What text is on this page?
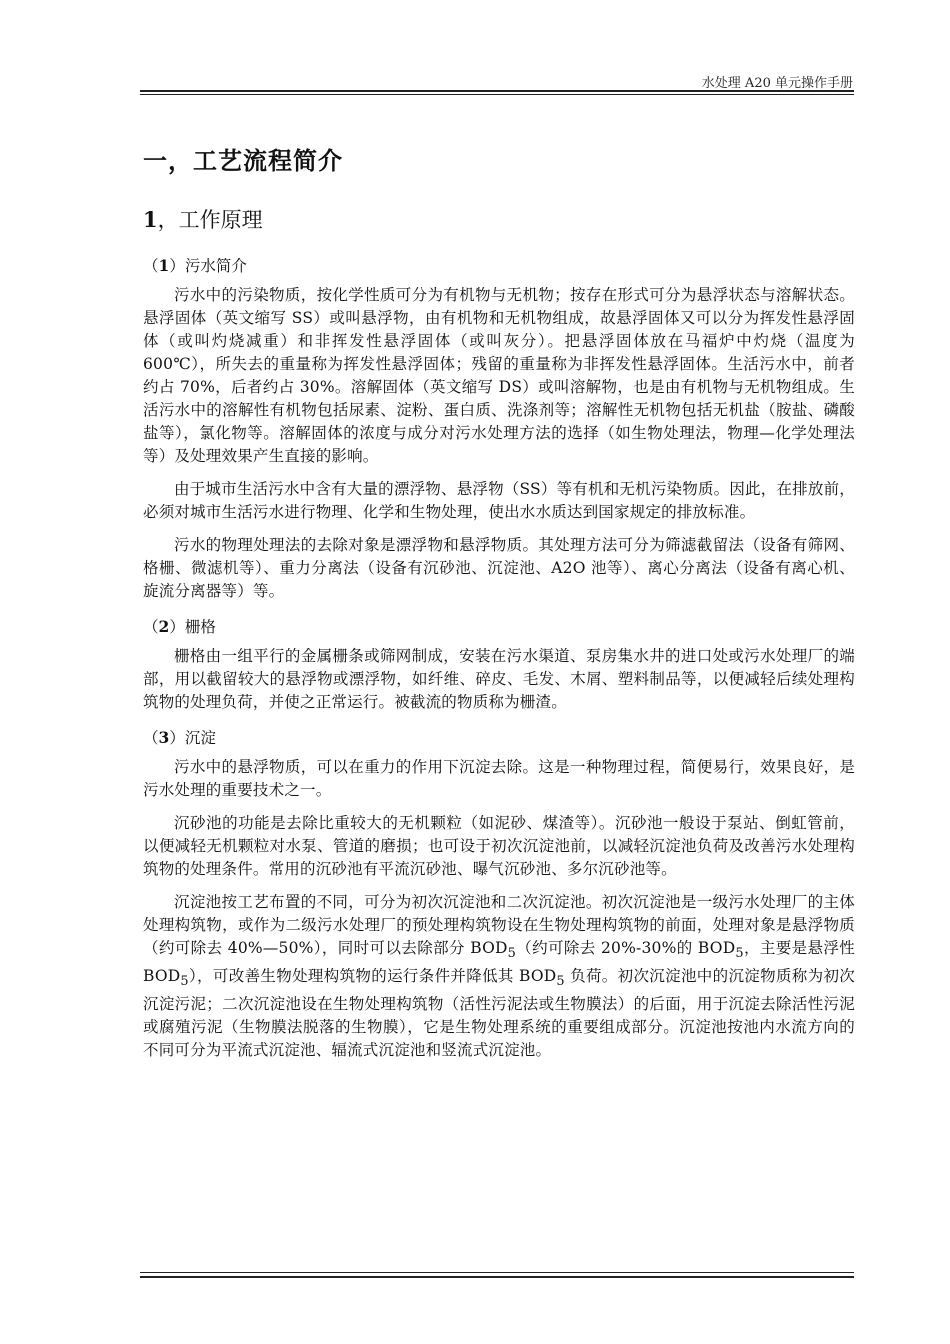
水处理 A20 单元操作手册
一，工艺流程简介
1，工作原理
（1）污水简介

污水中的污染物质，按化学性质可分为有机物与无机物；按存在形式可分为悬浮状态与溶解状态。悬浮固体（英文缩写 SS）或叫悬浮物，由有机物和无机物组成，故悬浮固体又可以分为挥发性悬浮固体（或叫灼烧减重）和非挥发性悬浮固体（或叫灰分）。把悬浮固体放在马福炉中灼烧（温度为 600℃），所失去的重量称为挥发性悬浮固体；残留的重量称为非挥发性悬浮固体。生活污水中，前者约占 70%，后者约占 30%。溶解固体（英文缩写 DS）或叫溶解物，也是由有机物与无机物组成。生活污水中的溶解性有机物包括尿素、淀粉、蛋白质、洗涤剂等；溶解性无机物包括无机盐（胺盐、磷酸盐等），氯化物等。溶解固体的浓度与成分对污水处理方法的选择（如生物处理法，物理—化学处理法等）及处理效果产生直接的影响。

由于城市生活污水中含有大量的漂浮物、悬浮物（SS）等有机和无机污染物质。因此，在排放前，必须对城市生活污水进行物理、化学和生物处理，使出水水质达到国家规定的排放标准。

污水的物理处理法的去除对象是漂浮物和悬浮物质。其处理方法可分为筛滤截留法（设备有筛网、格栅、微滤机等）、重力分离法（设备有沉砂池、沉淀池、A2O 池等）、离心分离法（设备有离心机、旋流分离器等）等。

（2）栅格

栅格由一组平行的金属栅条或筛网制成，安装在污水渠道、泵房集水井的进口处或污水处理厂的端部，用以截留较大的悬浮物或漂浮物，如纤维、碎皮、毛发、木屑、塑料制品等，以便减轻后续处理构筑物的处理负荷，并使之正常运行。被截流的物质称为栅渣。

（3）沉淀

污水中的悬浮物质，可以在重力的作用下沉淀去除。这是一种物理过程，简便易行，效果良好，是污水处理的重要技术之一。

沉砂池的功能是去除比重较大的无机颗粒（如泥砂、煤渣等）。沉砂池一般设于泵站、倒虹管前，以便减轻无机颗粒对水泵、管道的磨损；也可设于初次沉淀池前，以减轻沉淀池负荷及改善污水处理构筑物的处理条件。常用的沉砂池有平流沉砂池、曝气沉砂池、多尔沉砂池等。

沉淀池按工艺布置的不同，可分为初次沉淀池和二次沉淀池。初次沉淀池是一级污水处理厂的主体处理构筑物，或作为二级污水处理厂的预处理构筑物设在生物处理构筑物的前面，处理对象是悬浮物质（约可除去 40%—50%），同时可以去除部分 $BOD_5$（约可除去 20%-30%的 $BOD_5$，主要是悬浮性 $BOD_5$），可改善生物处理构筑物的运行条件并降低其 $BOD_5$ 负荷。初次沉淀池中的沉淀物质称为初次沉淀污泥；二次沉淀池设在生物处理构筑物（活性污泥法或生物膜法）的后面，用于沉淀去除活性污泥或腐殖污泥（生物膜法脱落的生物膜），它是生物处理系统的重要组成部分。沉淀池按池内水流方向的不同可分为平流式沉淀池、辐流式沉淀池和竖流式沉淀池。
